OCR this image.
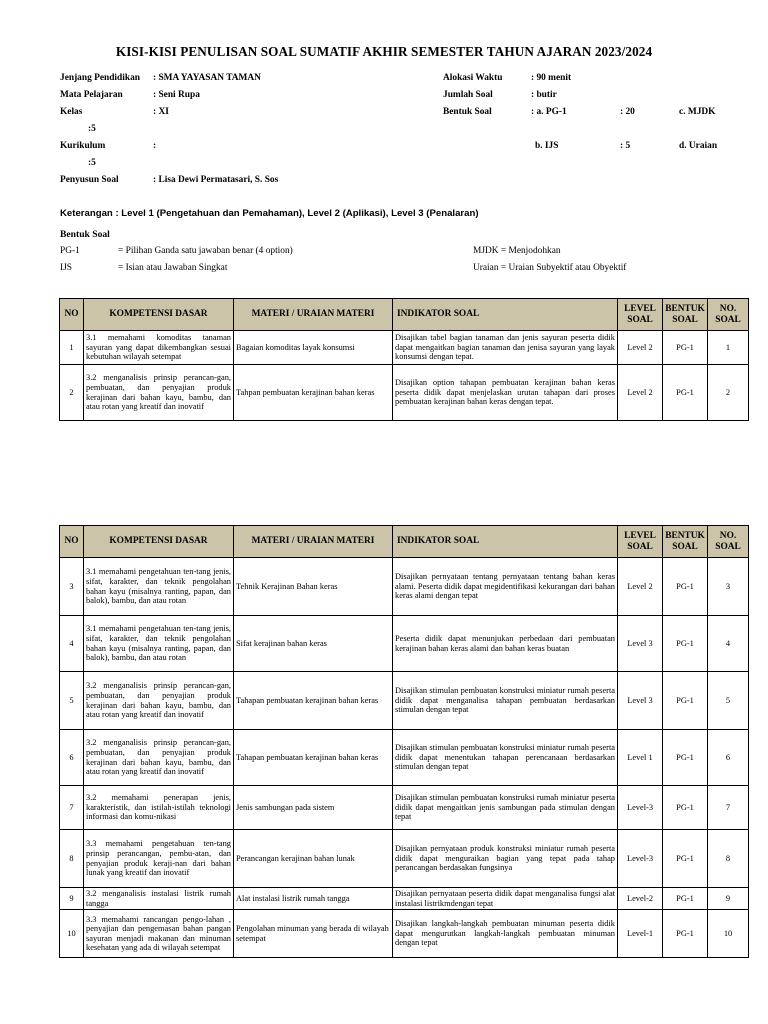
KISI-KISI PENULISAN SOAL SUMATIF AKHIR SEMESTER TAHUN AJARAN 2023/2024
Jenjang Pendidikan : SMA YAYASAN TAMAN
Mata Pelajaran	: Seni Rupa
Kelas	: XI
:5
Kurikulum	:
:5
Penyusun Soal	: Lisa Dewi Permatasari, S. Sos
Alokasi Waktu	: 90 menit
Jumlah Soal	: butir
Bentuk Soal	: a. PG-1	: 20	c. MJDK
b. IJS	: 5	d. Uraian
Keterangan : Level 1 (Pengetahuan dan Pemahaman), Level 2 (Aplikasi), Level 3 (Penalaran)
Bentuk Soal
PG-1	= Pilihan Ganda satu jawaban benar (4 option)
IJS	= Isian atau Jawaban Singkat
MJDK = Menjodohkan
Uraian = Uraian Subyektif atau Obyektif
NO	KOMPETENSI DASAR	MATERI / URAIAN MATERI	INDIKATOR SOAL	LEVEL SOAL	BENTUK SOAL	NO. SOAL
1	3.1 memahami komoditas tanaman sayuran yang dapat dikembangkan sesuai kebutuhan wilayah setempat	Bagaian komoditas layak konsumsi	Disajikan tabel bagian tanaman dan jenis sayuran peserta didik dapat mengaitkan bagian tanaman dan jenisa sayuran yang layak konsumsi dengan tepat.	Level 2	PG-1	1
2	3.2 menganalisis prinsip perancan-gan, pembuatan, dan penyajian produk kerajinan dari bahan kayu, bambu, dan atau rotan yang kreatif dan inovatif	Tahpan pembuatan kerajinan bahan keras	Disajikan option tahapan pembuatan kerajinan bahan keras peserta didik dapat menjelaskan urutan tahapan dari proses pembuatan kerajinan bahan keras dengan tepat.	Level 2	PG-1	2
NO	KOMPETENSI DASAR	MATERI / URAIAN MATERI	INDIKATOR SOAL	LEVEL SOAL	BENTUK SOAL	NO. SOAL
3	3.1 memahami pengetahuan ten-tang jenis, sifat, karakter, dan teknik pengolahan bahan kayu (misalnya ranting, papan, dan balok), bambu, dan atau rotan	Tehnik Kerajinan Bahan keras	Disajikan pernyataan tentang pernyataan tentang bahan keras alami. Peserta didik dapat megidentifikasi kekurangan dari bahan keras alami dengan tepat	Level 2	PG-1	3
4	3.1 memahami pengetahuan ten-tang jenis, sifat, karakter, dan teknik pengolahan bahan kayu (misalnya ranting, papan, dan balok), bambu, dan atau rotan	Sifat kerajinan bahan keras	Peserta didik dapat menunjukan perbedaan dari pembuatan kerajinan bahan keras alami dan bahan keras buatan	Level 3	PG-1	4
5	3.2 menganalisis prinsip perancan-gan, pembuatan, dan penyajian produk kerajinan dari bahan kayu, bambu, dan atau rotan yang kreatif dan inovatif	Tahapan pembuatan kerajinan bahan keras	Disajikan stimulan pembuatan konstruksi miniatur rumah peserta didik dapat menganalisa tahapan pembuatan berdasarkan stimulan dengan tepat	Level 3	PG-1	5
6	3.2 menganalisis prinsip perancan-gan, pembuatan, dan penyajian produk kerajinan dari bahan kayu, bambu, dan atau rotan yang kreatif dan inovatif	Tahapan pembuatan kerajinan bahan keras	Disajikan stimulan pembuatan konstruksi miniatur rumah peserta didik dapat menentukan tahapan perencanaan berdasarkan stimulan dengan tepat	Level 1	PG-1	6
7	3.2 memahami penerapan jenis, karakteristik, dan istilah-istilah teknologi informasi dan komu-nikasi	Jenis sambungan pada sistem	Disajikan stimulan pembuatan konstruksi rumah miniatur peserta didik dapat mengaitkan jenis sambungan pada stimulan dengan tepat	Level-3	PG-1	7
8	3.3 memahami pengetahuan ten-tang prinsip perancangan, pembu-atan, dan penyajian produk keraji-nan dari bahan lunak yang kreatif dan inovatif	Perancangan kerajinan bahan lunak	Disajikan pernyataan produk konstruksi miniatur rumah peserta didik dapat menguraikan bagian yang tepat pada tahap perancangan berdasakan fungsinya	Level-3	PG-1	8
9	3.2 menganalisis instalasi listrik rumah tangga	Alat instalasi listrik rumah tangga	Disajikan pernyataan peserta didik dapat menganalisa fungsi alat instalasi listrikmdengan tepat	Level-2	PG-1	9
10	3.3 memahami rancangan pengo-lahan , penyajian dan pengemasan bahan pangan sayuran menjadi makanan dan minuman kesehatan yang ada di wilayah setempat	Pengolahan minuman yang berada di wilayah setempat	Disajikan langkah-langkah pembuatan minuman peserta didik dapat mengurutkan langkah-langkah pembuatan minuman dengan tepat	Level-1	PG-1	10
